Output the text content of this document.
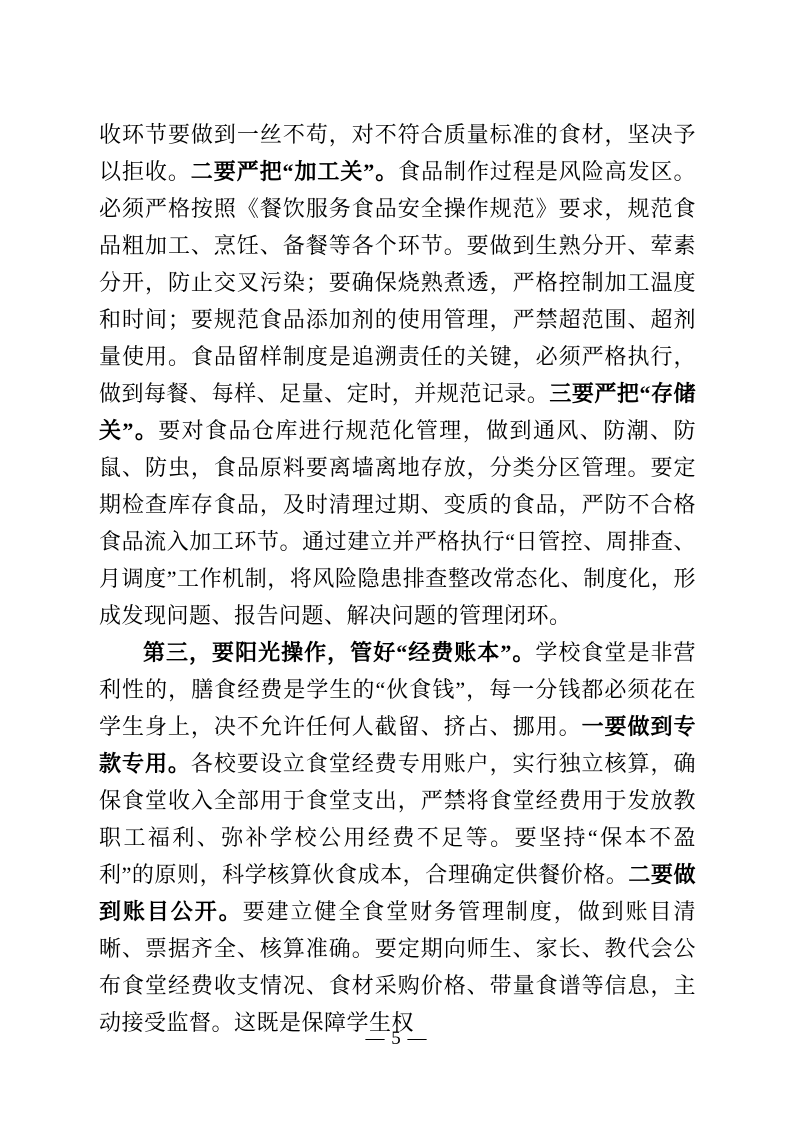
收环节要做到一丝不苟，对不符合质量标准的食材，坚决予以拒收。二要严把“加工关”。食品制作过程是风险高发区。必须严格按照《餐饮服务食品安全操作规范》要求，规范食品粗加工、烹饪、备餐等各个环节。要做到生熟分开、荤素分开，防止交叉污染；要确保烧熟煮透，严格控制加工温度和时间；要规范食品添加剂的使用管理，严禁超范围、超剂量使用。食品留样制度是追溯责任的关键，必须严格执行，做到每餐、每样、足量、定时，并规范记录。三要严把“存储关”。要对食品仓库进行规范化管理，做到通风、防潮、防鼠、防虫，食品原料要离墙离地存放，分类分区管理。要定期检查库存食品，及时清理过期、变质的食品，严防不合格食品流入加工环节。通过建立并严格执行“日管控、周排查、月调度”工作机制，将风险隐患排查整改常态化、制度化，形成发现问题、报告问题、解决问题的管理闭环。

第三，要阳光操作，管好“经费账本”。学校食堂是非营利性的，膳食经费是学生的“伙食钱”，每一分钱都必须花在学生身上，决不允许任何人截留、挤占、挪用。一要做到专款专用。各校要设立食堂经费专用账户，实行独立核算，确保食堂收入全部用于食堂支出，严禁将食堂经费用于发放教职工福利、弥补学校公用经费不足等。要坚持“保本不盈利”的原则，科学核算伙食成本，合理确定供餐价格。二要做到账目公开。要建立健全食堂财务管理制度，做到账目清晰、票据齐全、核算准确。要定期向师生、家长、教代会公布食堂经费收支情况、食材采购价格、带量食谱等信息，主动接受监督。这既是保障学生权

— 5 —
